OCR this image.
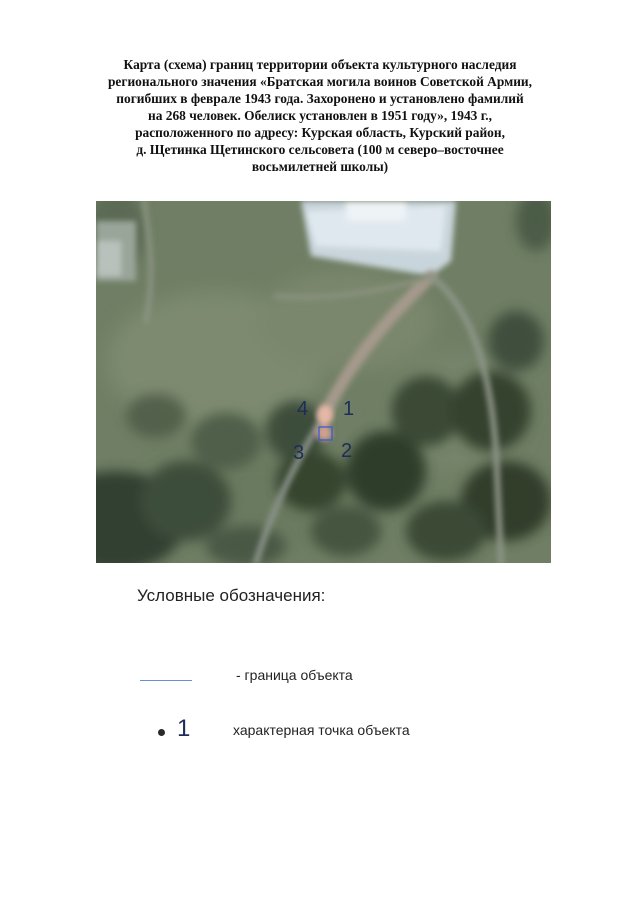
Карта (схема) границ территории объекта культурного наследия
регионального значения «Братская могила воинов Советской Армии,
погибших в феврале 1943 года. Захоронено и установлено фамилий
на 268 человек. Обелиск установлен в 1951 году», 1943 г.,
расположенного по адресу: Курская область, Курский район,
д. Щетинка Щетинского сельсовета (100 м северо–восточнее
восьмилетней школы)
4 1
3 2
Условные обозначения:
- граница объекта
1	характерная точка объекта
